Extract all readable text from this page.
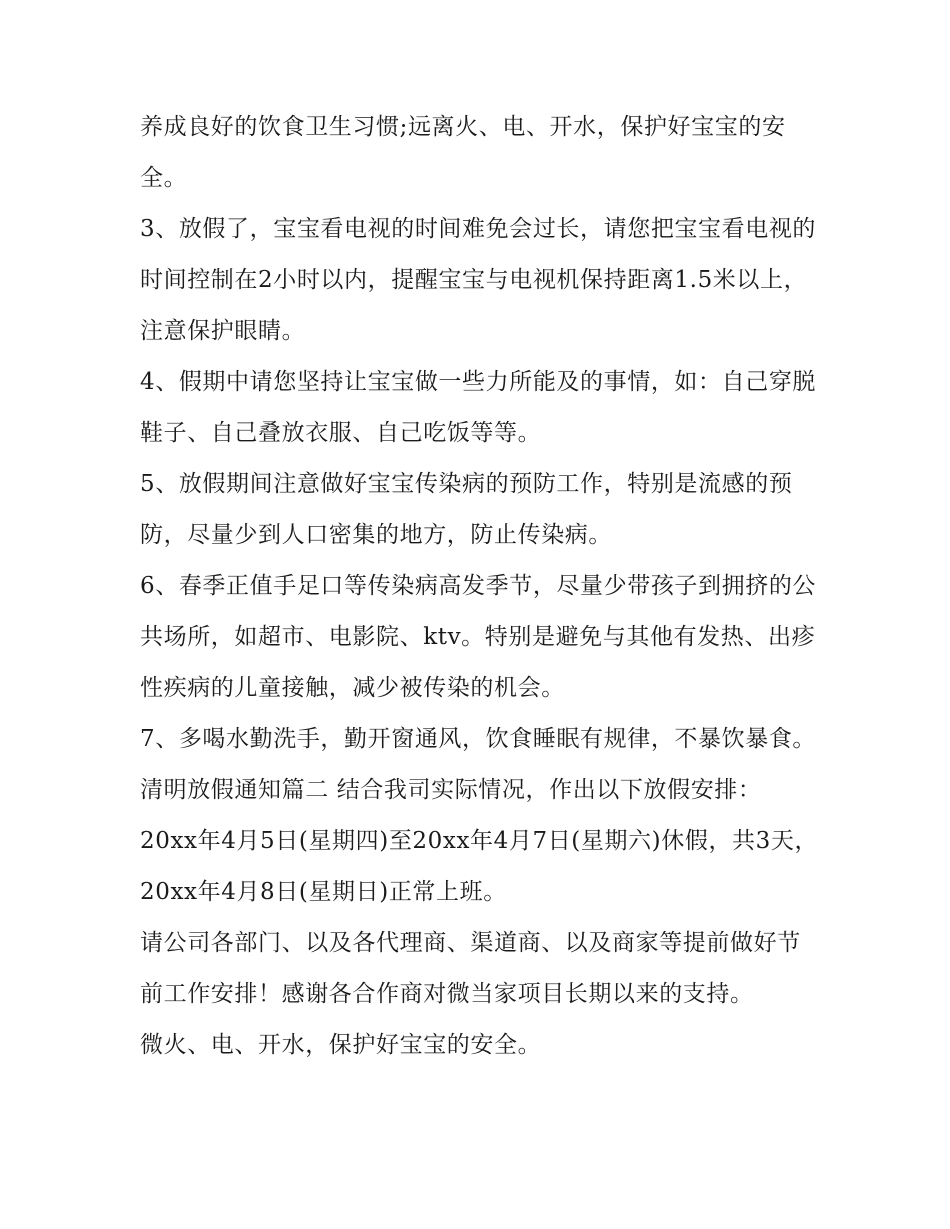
养成良好的饮食卫生习惯;远离火、电、开水，保护好宝宝的安全。

3、放假了，宝宝看电视的时间难免会过长，请您把宝宝看电视的时间控制在2小时以内，提醒宝宝与电视机保持距离1.5米以上，注意保护眼睛。

4、假期中请您坚持让宝宝做一些力所能及的事情，如：自己穿脱鞋子、自己叠放衣服、自己吃饭等等。

5、放假期间注意做好宝宝传染病的预防工作，特别是流感的预防，尽量少到人口密集的地方，防止传染病。

6、春季正值手足口等传染病高发季节，尽量少带孩子到拥挤的公共场所，如超市、电影院、ktv。特别是避免与其他有发热、出疹性疾病的儿童接触，减少被传染的机会。

7、多喝水勤洗手，勤开窗通风，饮食睡眠有规律，不暴饮暴食。 清明放假通知篇二 结合我司实际情况，作出以下放假安排：

20xx年4月5日(星期四)至20xx年4月7日(星期六)休假，共3天，20xx年4月8日(星期日)正常上班。

请公司各部门、以及各代理商、渠道商、以及商家等提前做好节前工作安排！感谢各合作商对微当家项目长期以来的支持。

微火、电、开水，保护好宝宝的安全。
